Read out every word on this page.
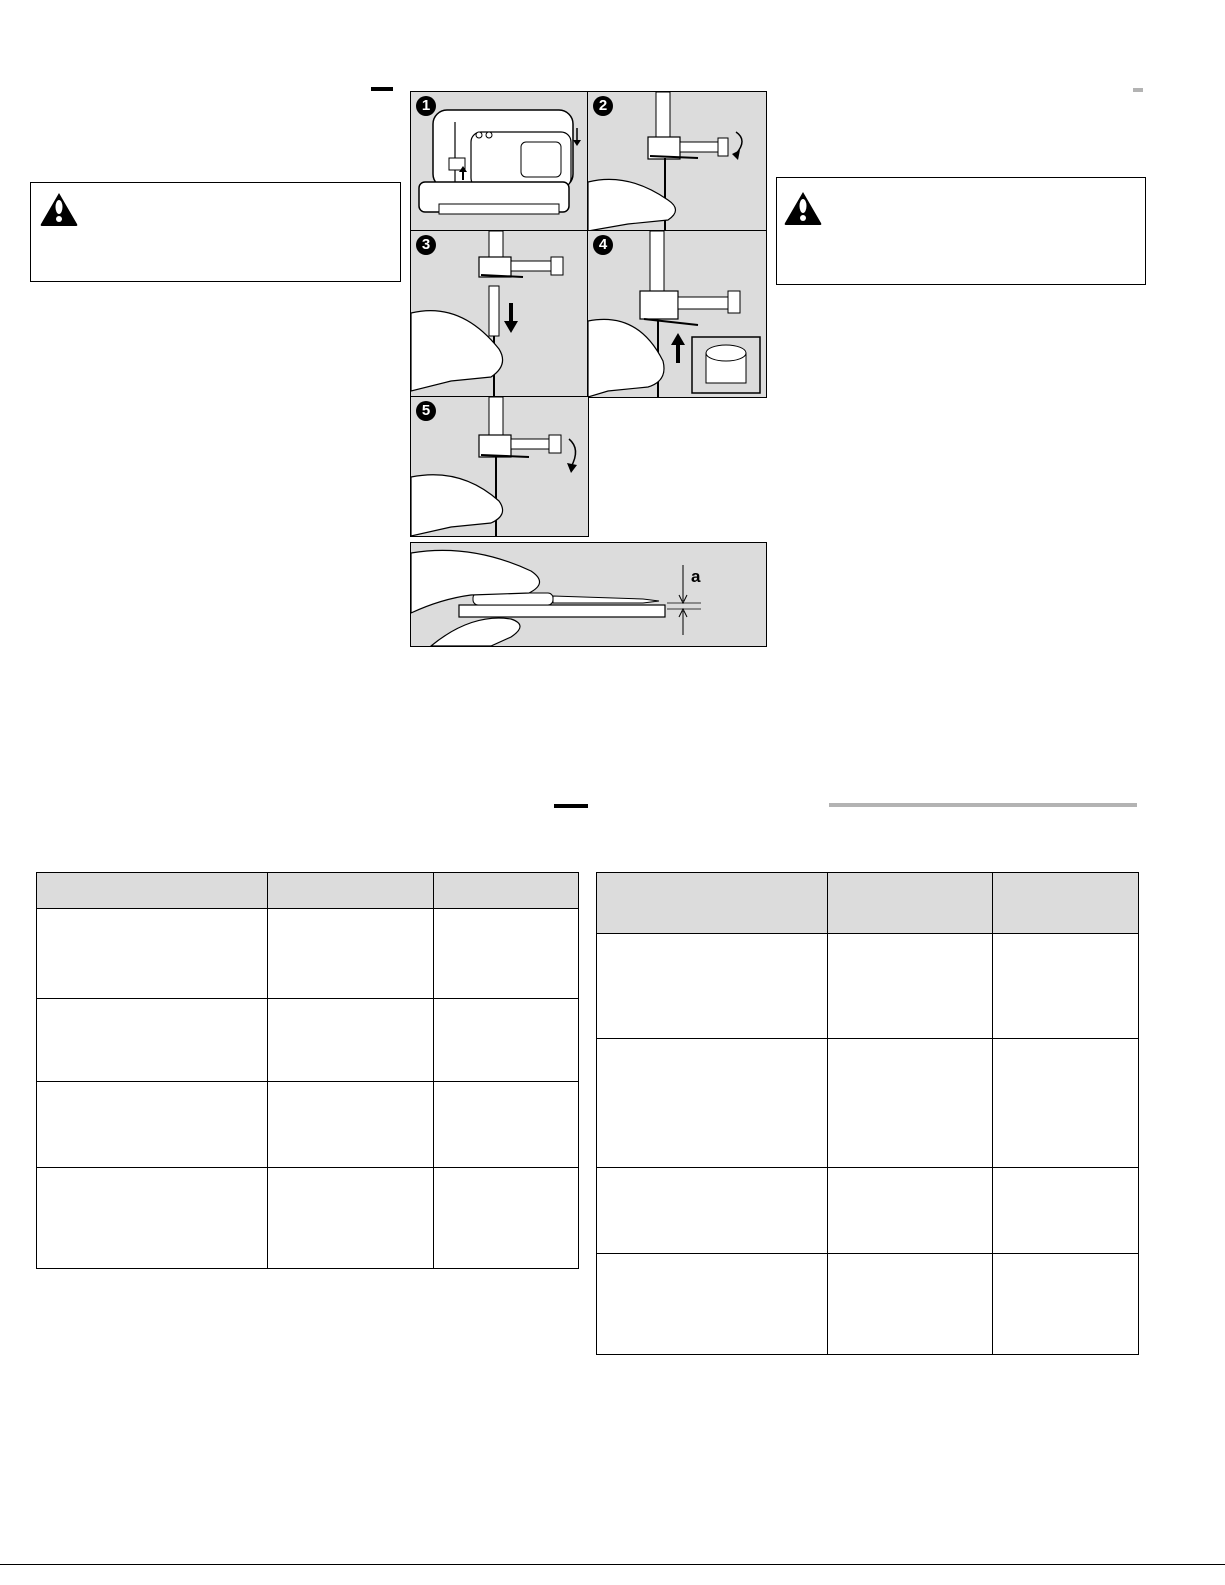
1	2
3	4
5
a
